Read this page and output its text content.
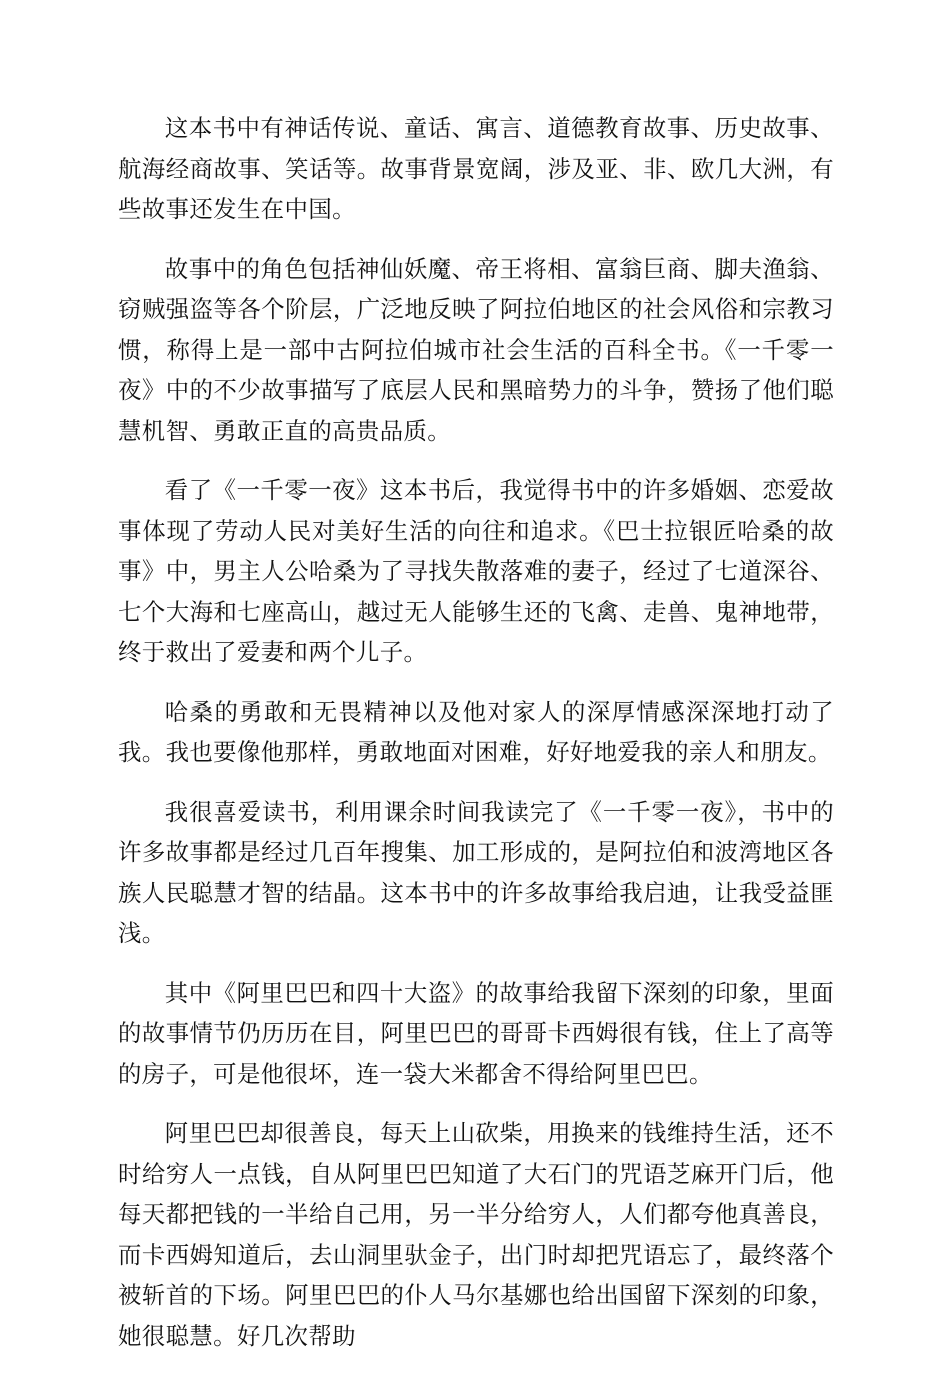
这本书中有神话传说、童话、寓言、道德教育故事、历史故事、航海经商故事、笑话等。故事背景宽阔，涉及亚、非、欧几大洲，有些故事还发生在中国。

故事中的角色包括神仙妖魔、帝王将相、富翁巨商、脚夫渔翁、窃贼强盗等各个阶层，广泛地反映了阿拉伯地区的社会风俗和宗教习惯，称得上是一部中古阿拉伯城市社会生活的百科全书。《一千零一夜》中的不少故事描写了底层人民和黑暗势力的斗争，赞扬了他们聪慧机智、勇敢正直的高贵品质。

看了《一千零一夜》这本书后，我觉得书中的许多婚姻、恋爱故事体现了劳动人民对美好生活的向往和追求。《巴士拉银匠哈桑的故事》中，男主人公哈桑为了寻找失散落难的妻子，经过了七道深谷、七个大海和七座高山，越过无人能够生还的飞禽、走兽、鬼神地带，终于救出了爱妻和两个儿子。

哈桑的勇敢和无畏精神以及他对家人的深厚情感深深地打动了我。我也要像他那样，勇敢地面对困难，好好地爱我的亲人和朋友。

我很喜爱读书，利用课余时间我读完了《一千零一夜》，书中的许多故事都是经过几百年搜集、加工形成的，是阿拉伯和波湾地区各族人民聪慧才智的结晶。这本书中的许多故事给我启迪，让我受益匪浅。

其中《阿里巴巴和四十大盗》的故事给我留下深刻的印象，里面的故事情节仍历历在目，阿里巴巴的哥哥卡西姆很有钱，住上了高等的房子，可是他很坏，连一袋大米都舍不得给阿里巴巴。

阿里巴巴却很善良，每天上山砍柴，用换来的钱维持生活，还不时给穷人一点钱，自从阿里巴巴知道了大石门的咒语芝麻开门后，他每天都把钱的一半给自己用，另一半分给穷人，人们都夸他真善良，而卡西姆知道后，去山洞里驮金子，出门时却把咒语忘了，最终落个被斩首的下场。阿里巴巴的仆人马尔基娜也给出国留下深刻的印象，她很聪慧。好几次帮助
